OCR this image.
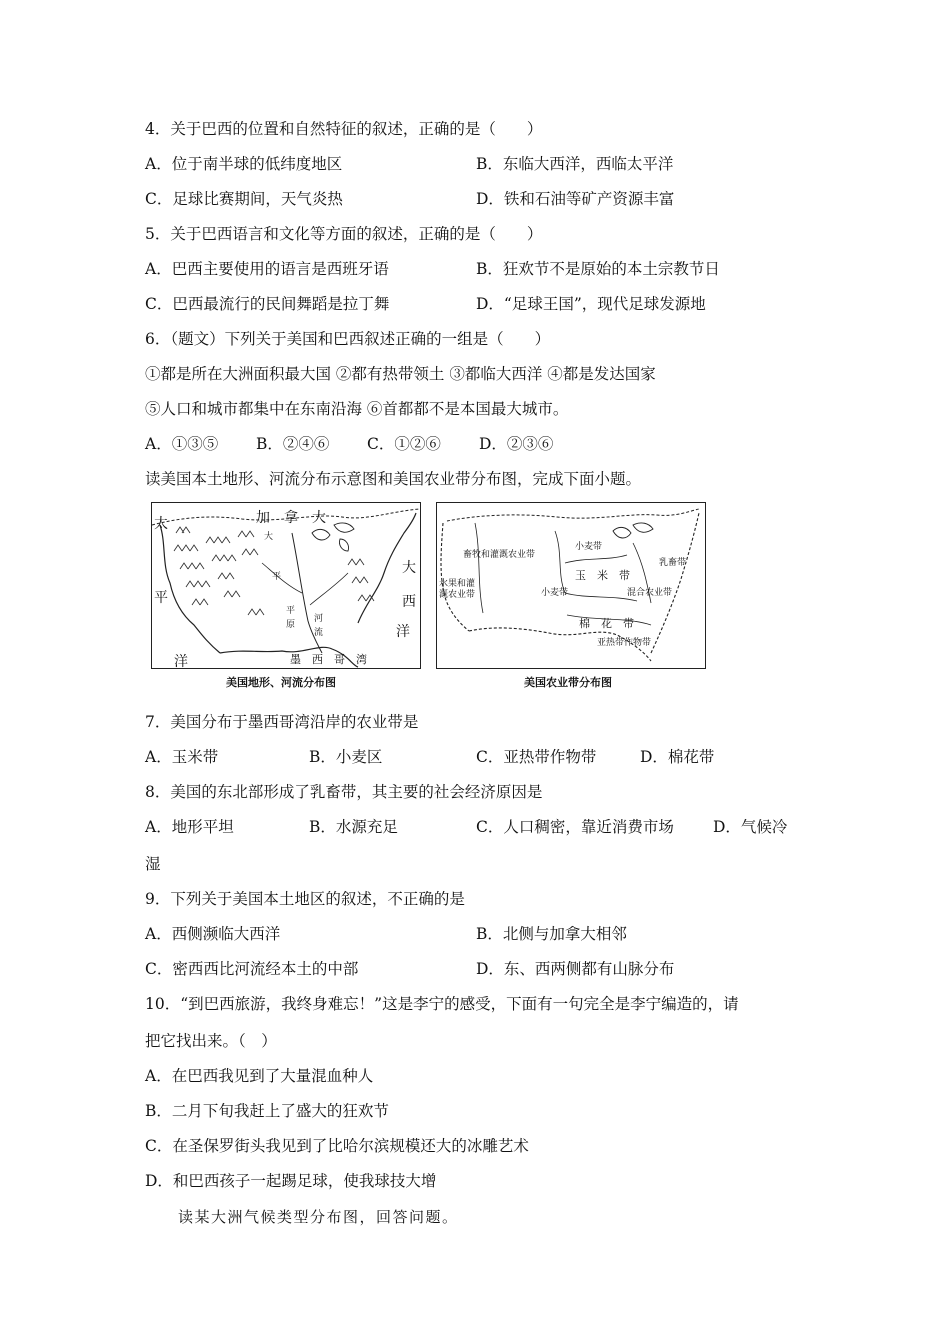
4．关于巴西的位置和自然特征的叙述，正确的是（　　）
A．位于南半球的低纬度地区	B．东临大西洋，西临太平洋
C．足球比赛期间，天气炎热	D．铁和石油等矿产资源丰富
5．关于巴西语言和文化等方面的叙述，正确的是（　　）
A．巴西主要使用的语言是西班牙语	B．狂欢节不是原始的本土宗教节日
C．巴西最流行的民间舞蹈是拉丁舞	D．“足球王国”，现代足球发源地
6．（题文）下列关于美国和巴西叙述正确的一组是（　　）
①都是所在大洲面积最大国 ②都有热带领土 ③都临大西洋 ④都是发达国家
⑤人口和城市都集中在东南沿海 ⑥首都都不是本国最大城市。
A．①③⑤ B．②④⑥ C．①②⑥ D．②③⑥
读美国本土地形、河流分布示意图和美国农业带分布图，完成下面小题。
加　拿　大
太
平
洋
大
西
洋
墨　西　哥　湾
平
原
河
流
大
平
美国地形、河流分布图
畜牧和灌溉农业带
小麦带
玉　米　带
乳畜带
水果和灌溉农业带	小麦带	混合农业带
棉　花　带
亚热带作物带
美国农业带分布图
7．美国分布于墨西哥湾沿岸的农业带是
A．玉米带	B．小麦区	C．亚热带作物带	D．棉花带
8．美国的东北部形成了乳畜带，其主要的社会经济原因是
A．地形平坦	B．水源充足	C．人口稠密，靠近消费市场	D．气候冷
湿
9．下列关于美国本土地区的叙述，不正确的是
A．西侧濒临大西洋	B．北侧与加拿大相邻
C．密西西比河流经本土的中部	D．东、西两侧都有山脉分布
10．“到巴西旅游，我终身难忘！”这是李宁的感受，下面有一句完全是李宁编造的，请
把它找出来。（　）
A．在巴西我见到了大量混血种人
B．二月下旬我赶上了盛大的狂欢节
C．在圣保罗街头我见到了比哈尔滨规模还大的冰雕艺术
D．和巴西孩子一起踢足球，使我球技大增
读某大洲气候类型分布图，回答问题。
